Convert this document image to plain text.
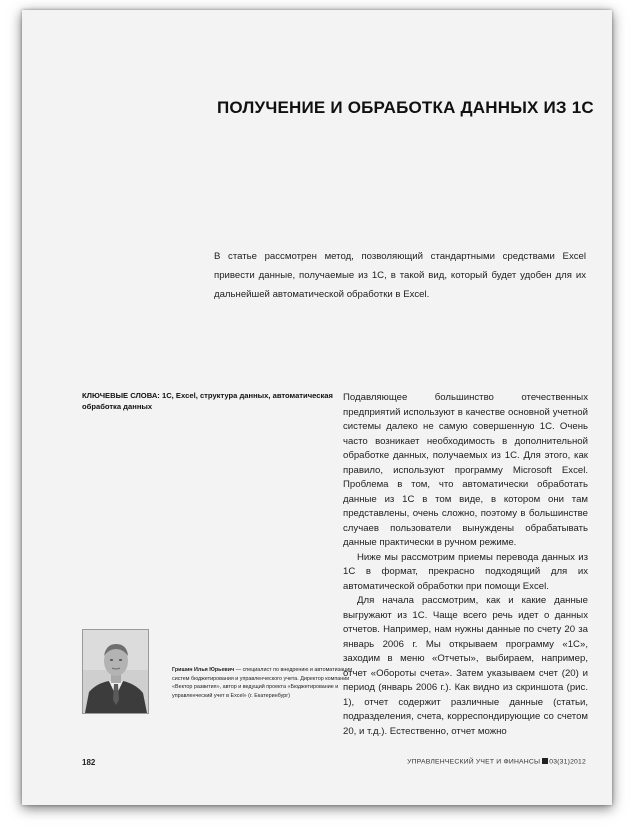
ПОЛУЧЕНИЕ И ОБРАБОТКА ДАННЫХ ИЗ 1С
В статье рассмотрен метод, позволяющий стандартными средствами Excel привести данные, получаемые из 1С, в такой вид, который будет удобен для их дальнейшей автоматической обработки в Excel.
КЛЮЧЕВЫЕ СЛОВА: 1С, Excel, структура данных, автоматическая обработка данных
Гришин Илья Юрьевич — специалист по внедрению и автоматизации систем бюджетирования и управленческого учета. Директор компании «Вектор развития», автор и ведущий проекта «Бюджетирование и управленческий учет в Excel» (г. Екатеринбург)

Подавляющее большинство отечественных предприятий используют в качестве основной учетной системы далеко не самую совершенную 1С. Очень часто возникает необходимость в дополнительной обработке данных, получаемых из 1С. Для этого, как правило, используют программу Microsoft Excel. Проблема в том, что автоматически обработать данные из 1С в том виде, в котором они там представлены, очень сложно, поэтому в большинстве случаев пользователи вынуждены обрабатывать данные практически в ручном режиме.

Ниже мы рассмотрим приемы перевода данных из 1С в формат, прекрасно подходящий для их автоматической обработки при помощи Excel.

Для начала рассмотрим, как и какие данные выгружают из 1С. Чаще всего речь идет о данных отчетов. Например, нам нужны данные по счету 20 за январь 2006 г. Мы открываем программу «1С», заходим в меню «Отчеты», выбираем, например, отчет «Обороты счета». Затем указываем счет (20) и период (январь 2006 г.). Как видно из скриншота (рис. 1), отчет содержит различные данные (статьи, подразделения, счета, корреспондирующие со счетом 20, и т.д.). Естественно, отчет можно

182	УПРАВЛЕНЧЕСКИЙ УЧЕТ И ФИНАНСЫ 03(31)2012
